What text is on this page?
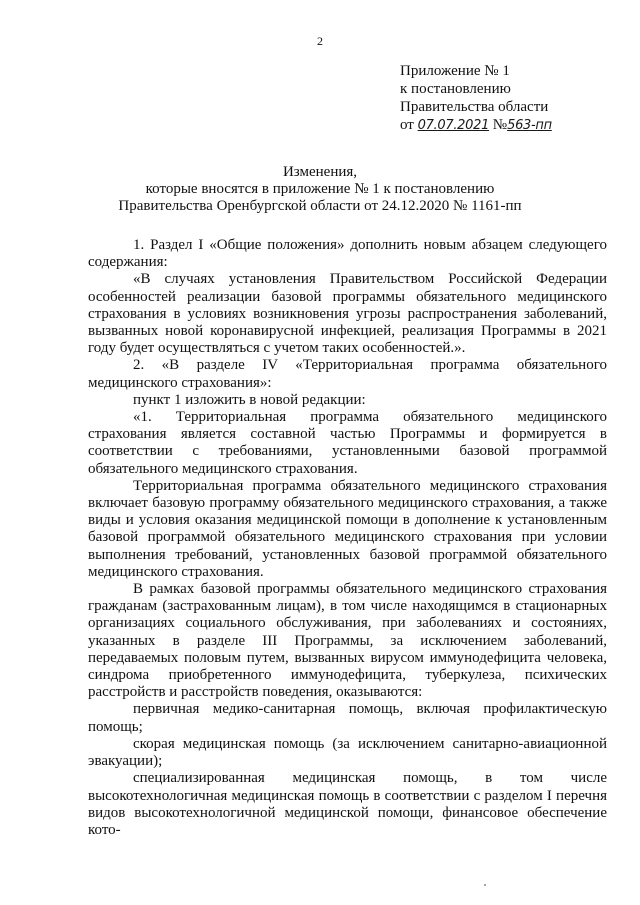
2
Приложение № 1
к постановлению
Правительства области
от 07.07.2021 №563-пп
Изменения,
которые вносятся в приложение № 1 к постановлению
Правительства Оренбургской области от 24.12.2020 № 1161-пп

1. Раздел I «Общие положения» дополнить новым абзацем следующего содержания:

«В случаях установления Правительством Российской Федерации особенностей реализации базовой программы обязательного медицинского страхования в условиях возникновения угрозы распространения заболеваний, вызванных новой коронавирусной инфекцией, реализация Программы в 2021 году будет осуществляться с учетом таких особенностей.».

2. «В разделе IV «Территориальная программа обязательного медицинского страхования»:

пункт 1 изложить в новой редакции:

«1. Территориальная программа обязательного медицинского страхования является составной частью Программы и формируется в соответствии с требованиями, установленными базовой программой обязательного медицинского страхования.

Территориальная программа обязательного медицинского страхования включает базовую программу обязательного медицинского страхования, а также виды и условия оказания медицинской помощи в дополнение к установленным базовой программой обязательного медицинского страхования при условии выполнения требований, установленных базовой программой обязательного медицинского страхования.

В рамках базовой программы обязательного медицинского страхования гражданам (застрахованным лицам), в том числе находящимся в стационарных организациях социального обслуживания, при заболеваниях и состояниях, указанных в разделе III Программы, за исключением заболеваний, передаваемых половым путем, вызванных вирусом иммунодефицита человека, синдрома приобретенного иммунодефицита, туберкулеза, психических расстройств и расстройств поведения, оказываются:

первичная медико-санитарная помощь, включая профилактическую помощь;

скорая медицинская помощь (за исключением санитарно-авиационной эвакуации);

специализированная медицинская помощь, в том числе высокотехнологичная медицинская помощь в соответствии с разделом I перечня видов высокотехнологичной медицинской помощи, финансовое обеспечение кото-
